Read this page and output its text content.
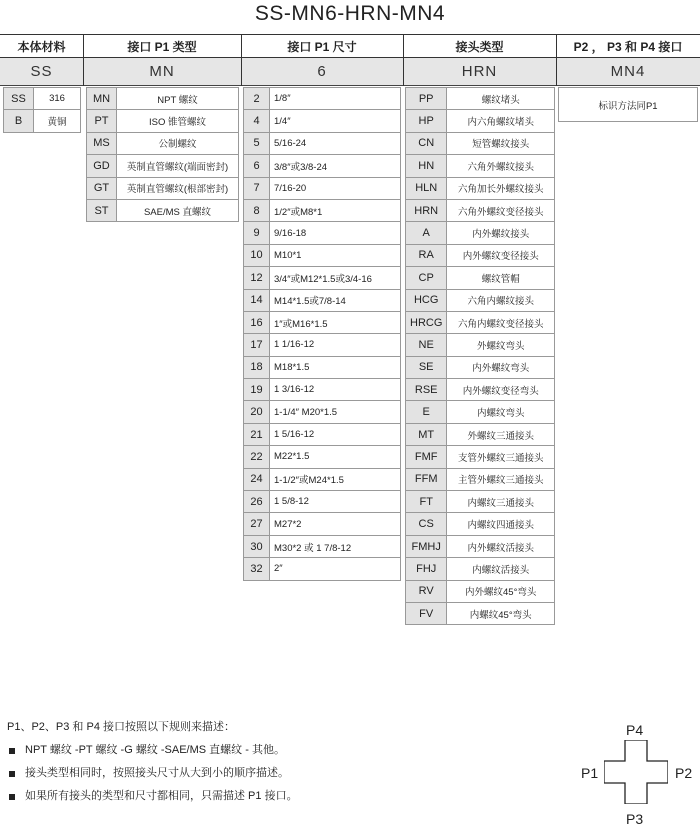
SS-MN6-HRN-MN4
本体材料	接口 P1 类型	接口 P1 尺寸	接头类型	P2 ， P3 和 P4 接口
SS	MN	6	HRN	MN4
SS	316
B	黄铜
MN	NPT 螺纹
PT	ISO 锥管螺纹
MS	公制螺纹
GD	英制直管螺纹(端面密封)
GT	英制直管螺纹(根部密封)
ST	SAE/MS 直螺纹
2	1/8″
4	1/4″
5	5/16-24
6	3/8″或3/8-24
7	7/16-20
8	1/2″或M8*1
9	9/16-18
10	M10*1
12	3/4″或M12*1.5或3/4-16
14	M14*1.5或7/8-14
16	1″或M16*1.5
17	1 1/16-12
18	M18*1.5
19	1 3/16-12
20	1-1/4″ M20*1.5
21	1 5/16-12
22	M22*1.5
24	1-1/2″或M24*1.5
26	1 5/8-12
27	M27*2
30	M30*2 或 1 7/8-12
32	2″
PP	螺纹堵头
HP	内六角螺纹堵头
CN	短管螺纹接头
HN	六角外螺纹接头
HLN	六角加长外螺纹接头
HRN	六角外螺纹变径接头
A	内外螺纹接头
RA	内外螺纹变径接头
CP	螺纹管帽
HCG	六角内螺纹接头
HRCG	六角内螺纹变径接头
NE	外螺纹弯头
SE	内外螺纹弯头
RSE	内外螺纹变径弯头
E	内螺纹弯头
MT	外螺纹三通接头
FMF	支管外螺纹三通接头
FFM	主管外螺纹三通接头
FT	内螺纹三通接头
CS	内螺纹四通接头
FMHJ	内外螺纹活接头
FHJ	内螺纹活接头
RV	内外螺纹45°弯头
FV	内螺纹45°弯头
标识方法同P1
P1、P2、P3 和 P4 接口按照以下规则来描述：
NPT 螺纹 -PT 螺纹 -G 螺纹 -SAE/MS 直螺纹 - 其他。
接头类型相同时，按照接头尺寸从大到小的顺序描述。
如果所有接头的类型和尺寸都相同，只需描述 P1 接口。
P4
P1	P2
P3
